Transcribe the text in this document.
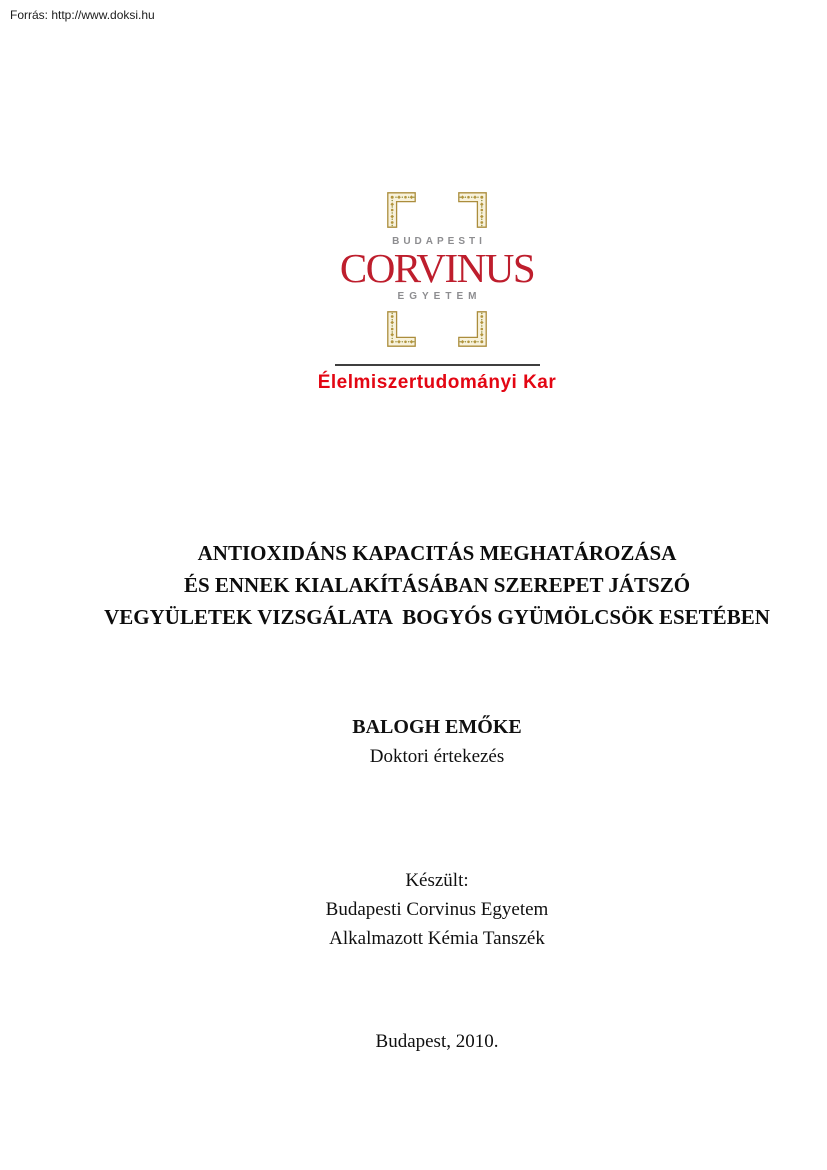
Forrás: http://www.doksi.hu
BUDAPESTI
CORVINUS
EGYETEM
Élelmiszertudományi Kar
ANTIOXIDÁNS KAPACITÁS MEGHATÁROZÁSA
ÉS ENNEK KIALAKÍTÁSÁBAN SZEREPET JÁTSZÓ
VEGYÜLETEK VIZSGÁLATA  BOGYÓS GYÜMÖLCSÖK ESETÉBEN
BALOGH EMŐKE
Doktori értekezés
Készült:
Budapesti Corvinus Egyetem
Alkalmazott Kémia Tanszék
Budapest, 2010.
